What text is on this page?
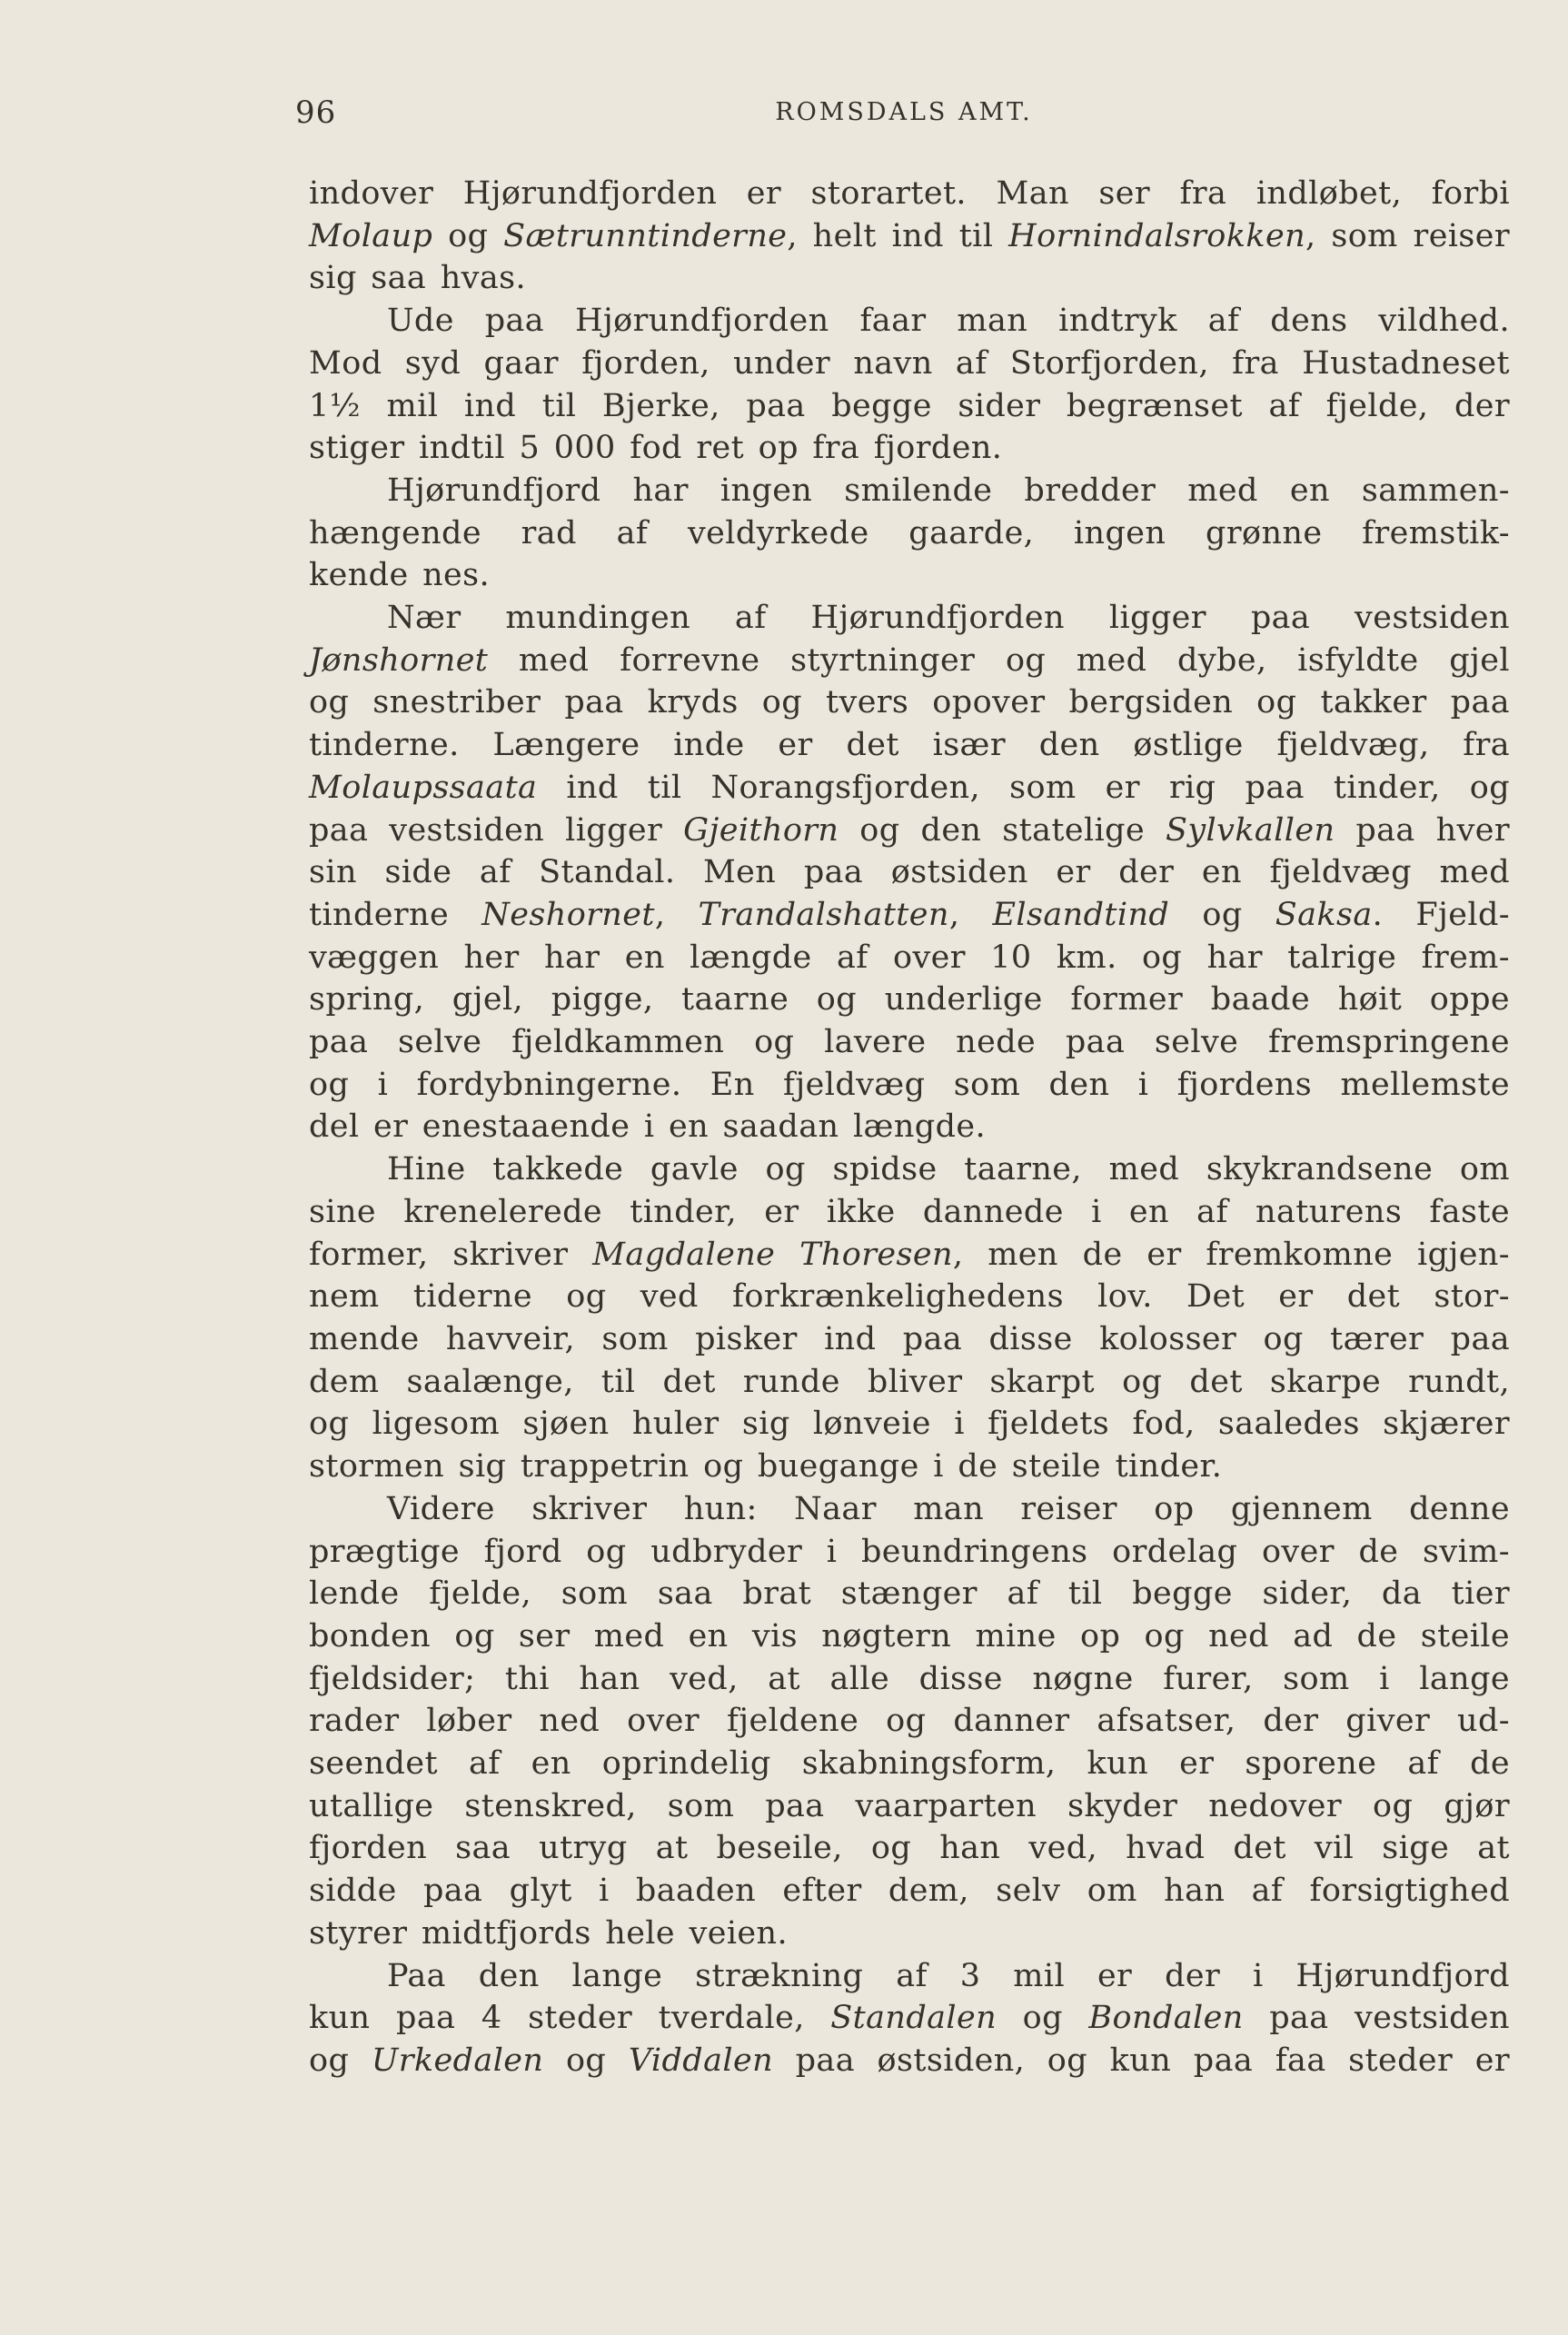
96	ROMSDALS AMT.
indover Hjørundfjorden er storartet. Man ser fra indløbet, forbi
Molaup og Sætrunntinderne, helt ind til Hornindalsrokken, som reiser
sig saa hvas.
Ude paa Hjørundfjorden faar man indtryk af dens vildhed.
Mod syd gaar fjorden, under navn af Storfjorden, fra Hustadneset
1½ mil ind til Bjerke, paa begge sider begrænset af fjelde, der
stiger indtil 5 000 fod ret op fra fjorden.
Hjørundfjord har ingen smilende bredder med en sammen-
hængende rad af veldyrkede gaarde, ingen grønne fremstik-
kende nes.
Nær mundingen af Hjørundfjorden ligger paa vestsiden
Jønshornet med forrevne styrtninger og med dybe, isfyldte gjel
og snestriber paa kryds og tvers opover bergsiden og takker paa
tinderne. Længere inde er det især den østlige fjeldvæg, fra
Molaupssaata ind til Norangsfjorden, som er rig paa tinder, og
paa vestsiden ligger Gjeithorn og den statelige Sylvkallen paa hver
sin side af Standal. Men paa østsiden er der en fjeldvæg med
tinderne Neshornet, Trandalshatten, Elsandtind og Saksa. Fjeld-
væggen her har en længde af over 10 km. og har talrige frem-
spring, gjel, pigge, taarne og underlige former baade høit oppe
paa selve fjeldkammen og lavere nede paa selve fremspringene
og i fordybningerne. En fjeldvæg som den i fjordens mellemste
del er enestaaende i en saadan længde.
Hine takkede gavle og spidse taarne, med skykrandsene om
sine krenelerede tinder, er ikke dannede i en af naturens faste
former, skriver Magdalene Thoresen, men de er fremkomne igjen-
nem tiderne og ved forkrænkelighedens lov. Det er det stor-
mende havveir, som pisker ind paa disse kolosser og tærer paa
dem saalænge, til det runde bliver skarpt og det skarpe rundt,
og ligesom sjøen huler sig lønveie i fjeldets fod, saaledes skjærer
stormen sig trappetrin og buegange i de steile tinder.
Videre skriver hun: Naar man reiser op gjennem denne
prægtige fjord og udbryder i beundringens ordelag over de svim-
lende fjelde, som saa brat stænger af til begge sider, da tier
bonden og ser med en vis nøgtern mine op og ned ad de steile
fjeldsider; thi han ved, at alle disse nøgne furer, som i lange
rader løber ned over fjeldene og danner afsatser, der giver ud-
seendet af en oprindelig skabningsform, kun er sporene af de
utallige stenskred, som paa vaarparten skyder nedover og gjør
fjorden saa utryg at beseile, og han ved, hvad det vil sige at
sidde paa glyt i baaden efter dem, selv om han af forsigtighed
styrer midtfjords hele veien.
Paa den lange strækning af 3 mil er der i Hjørundfjord
kun paa 4 steder tverdale, Standalen og Bondalen paa vestsiden
og Urkedalen og Viddalen paa østsiden, og kun paa faa steder er
